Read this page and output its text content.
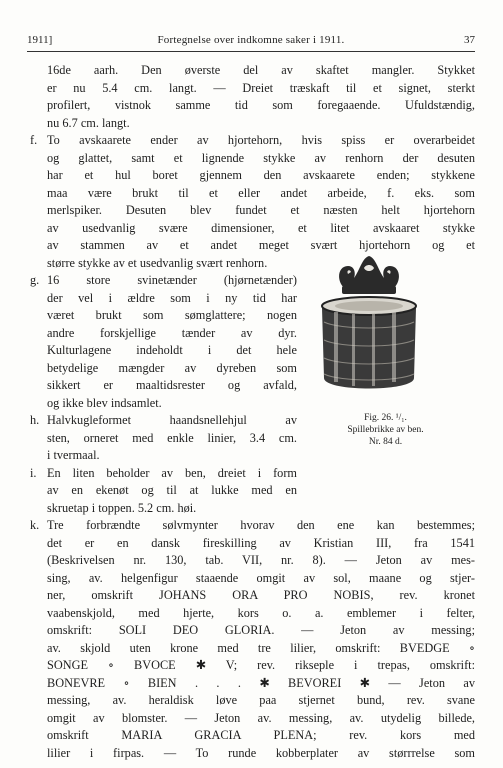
1911]	Fortegnelse over indkomne saker i 1911.	37
16de aarh. Den øverste del av skaftet mangler. Stykket
er nu 5.4 cm. langt. — Dreiet træskaft til et signet, sterkt
profilert, vistnok samme tid som foregaaende. Ufuldstændig,
nu 6.7 cm. langt.
f. To avskaarete ender av hjortehorn, hvis spiss er overarbeidet
og glattet, samt et lignende stykke av renhorn der desuten
har et hul boret gjennem den avskaarete enden; stykkene
maa være brukt til et eller andet arbeide, f. eks. som
merlspiker. Desuten blev fundet et næsten helt hjortehorn
av usedvanlig svære dimensioner, et litet avskaaret stykke
av stammen av et andet meget svært hjortehorn og et
større stykke av et usedvanlig svært renhorn.
g. 16 store svinetænder (hjørnetænder)
der vel i ældre som i ny tid har
været brukt som sømglattere; nogen
andre forskjellige tænder av dyr.
Kulturlagene indeholdt i det hele
betydelige mængder av dyreben som
sikkert er maaltidsrester og avfald,
og ikke blev indsamlet.
h. Halvkugleformet haandsnellehjul av
sten, orneret med enkle linier, 3.4 cm.
i tvermaal.
i. En liten beholder av ben, dreiet i form
av en ekenøt og til at lukke med en
skruetap i toppen. 5.2 cm. høi.
k. Tre forbrændte sølvmynter hvorav den ene kan bestemmes;
det er en dansk fireskilling av Kristian III, fra 1541
(Beskrivelsen nr. 130, tab. VII, nr. 8). — Jeton av mes-
sing, av. helgenfigur staaende omgit av sol, maane og stjer-
ner, omskrift JOHANS ORA PRO NOBIS, rev. kronet
vaabenskjold, med hjerte, kors o. a. emblemer i felter,
omskrift: SOLI DEO GLORIA. — Jeton av messing;
av. skjold uten krone med tre lilier, omskrift: BVEDGE ∘
SONGE ∘ BVOCE ✱ V; rev. rikseple i trepas, omskrift:
BONEVRE ∘ BIEN . . . ✱ BEVOREI ✱ — Jeton av
messing, av. heraldisk løve paa stjernet bund, rev. svane
omgit av blomster. — Jeton av. messing, av. utydelig billede,
omskrift MARIA GRACIA PLENA; rev. kors med
lilier i firpas. — To runde kobberplater av størrrelse som
Fig. 26. ¹/₁.
Spillebrikke av ben.
Nr. 84 d.
